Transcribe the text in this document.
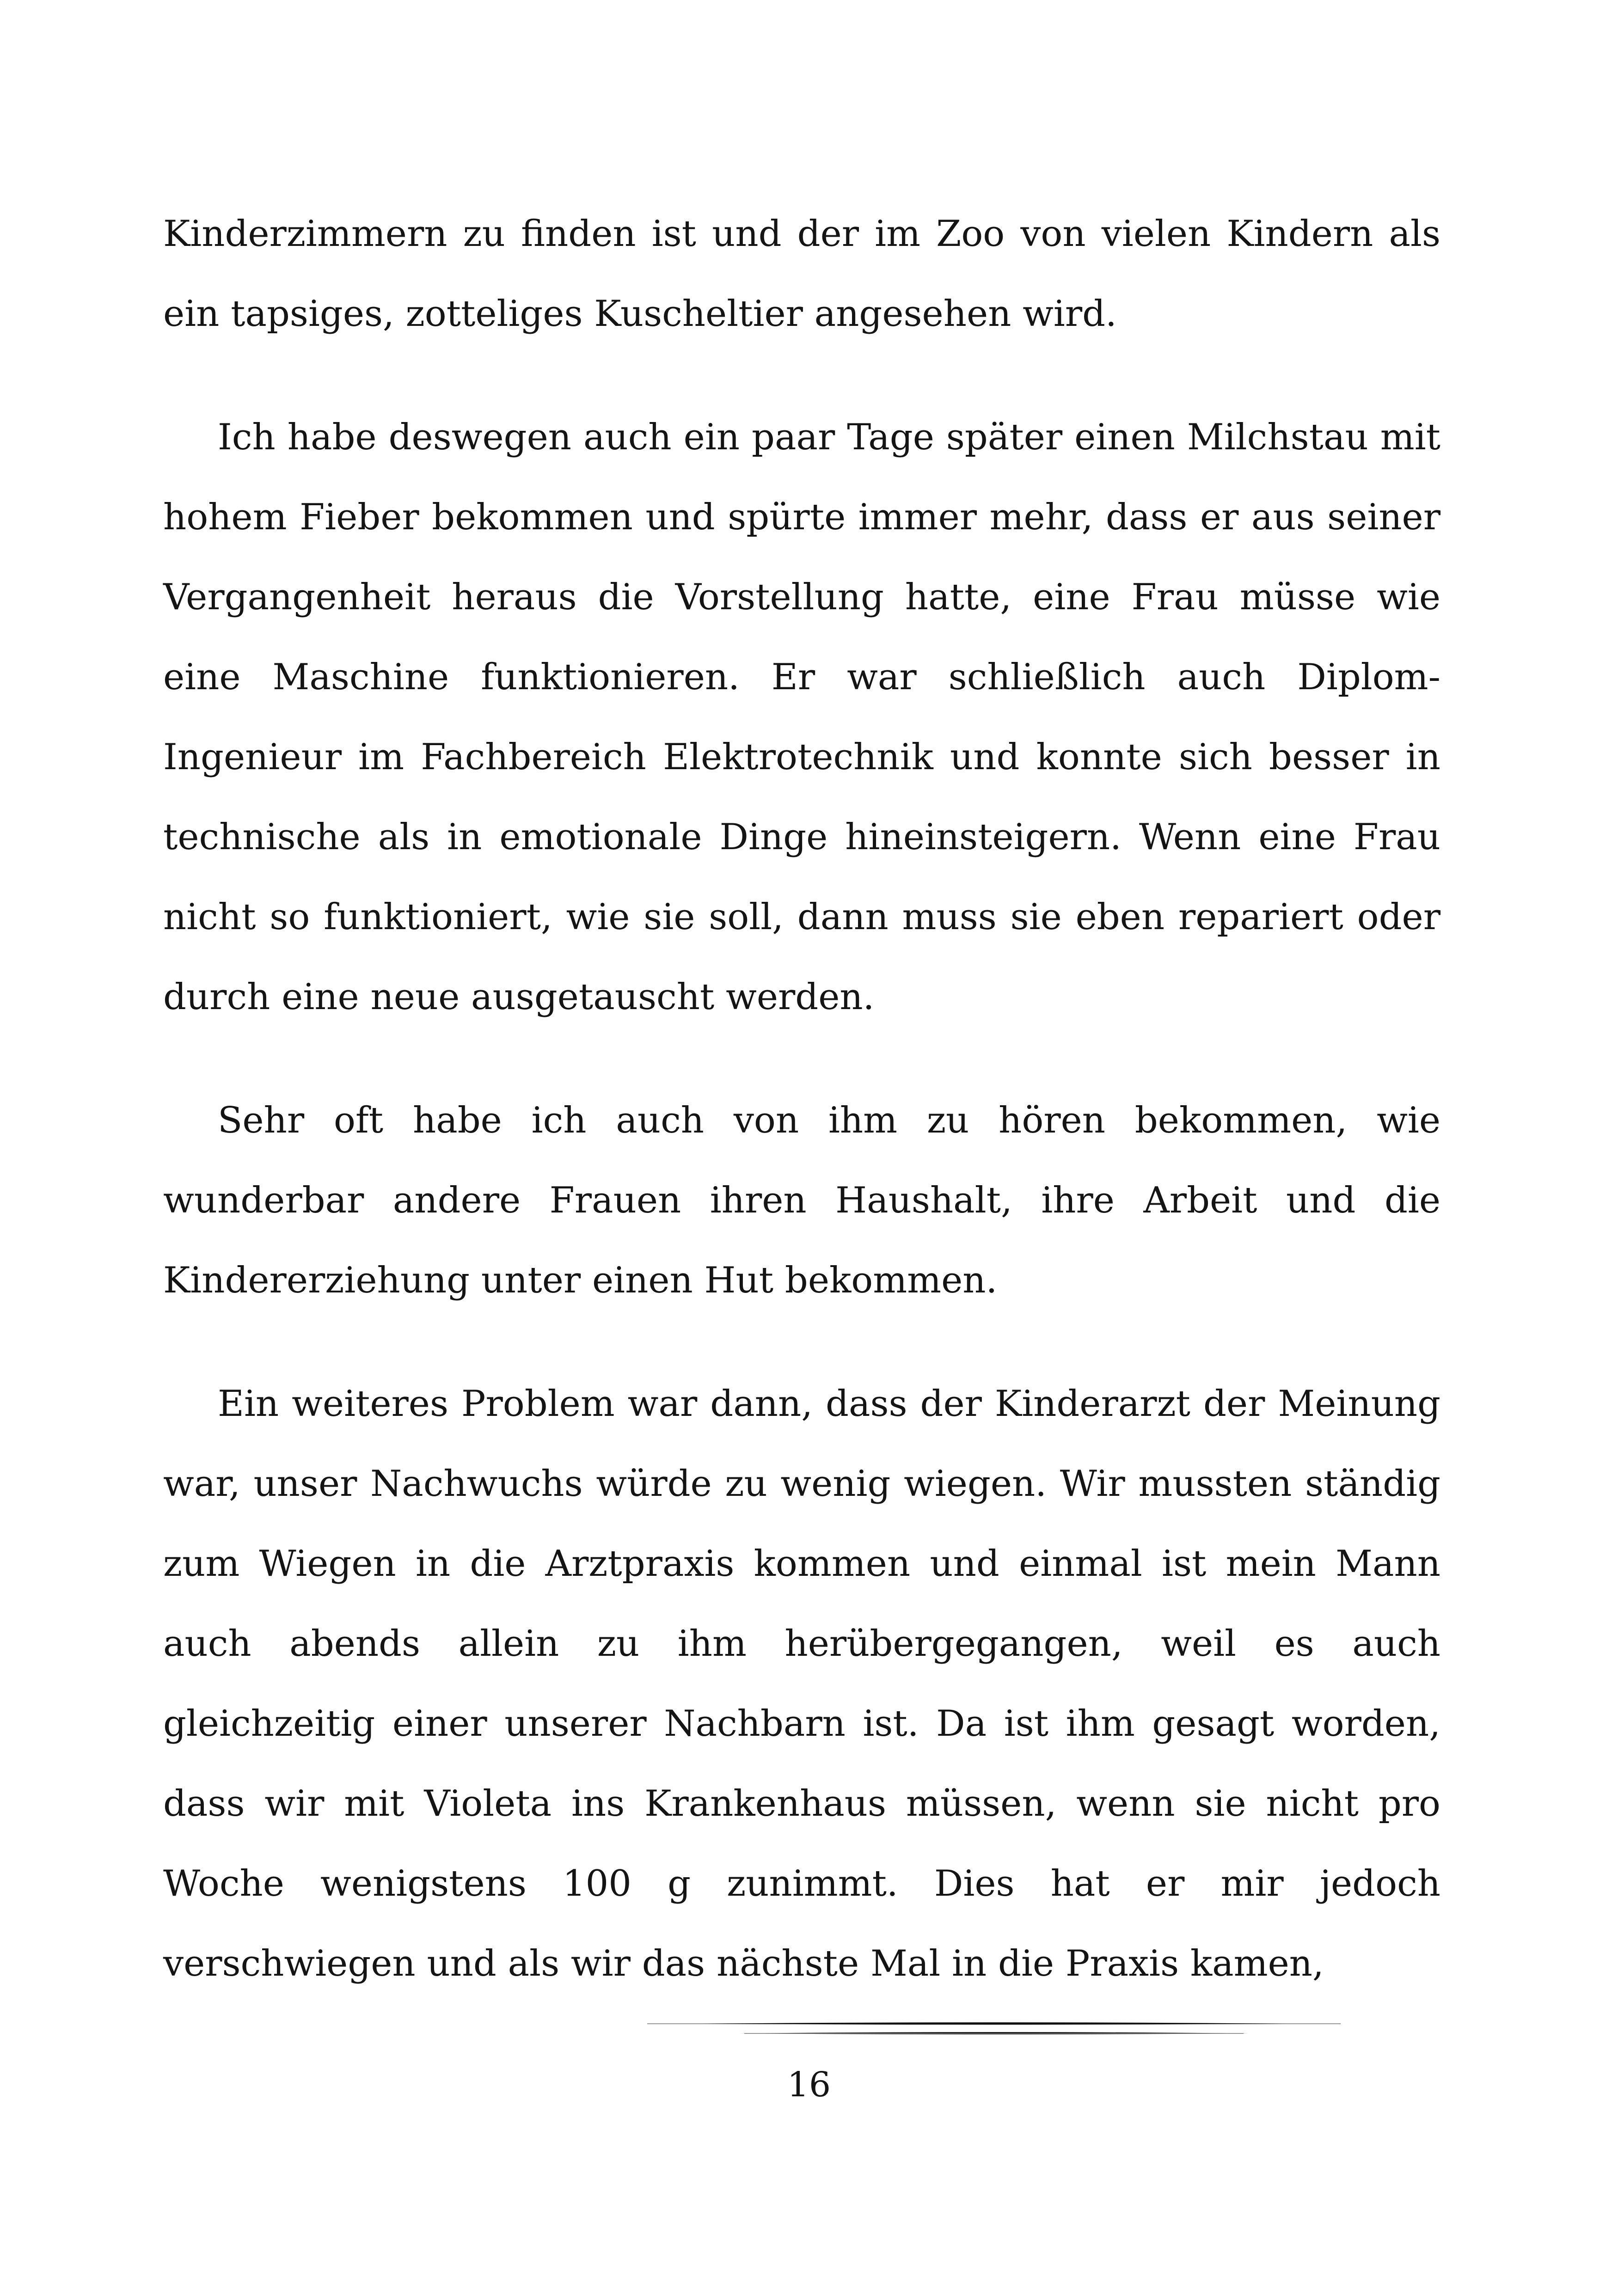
Kinderzimmern zu finden ist und der im Zoo von vielen Kindern als ein tapsiges, zotteliges Kuscheltier angesehen wird.

Ich habe deswegen auch ein paar Tage später einen Milchstau mit hohem Fieber bekommen und spürte immer mehr, dass er aus seiner Vergangenheit heraus die Vorstellung hatte, eine Frau müsse wie eine Maschine funktionieren. Er war schließlich auch Diplom-Ingenieur im Fachbereich Elektrotechnik und konnte sich besser in technische als in emotionale Dinge hineinsteigern. Wenn eine Frau nicht so funktioniert, wie sie soll, dann muss sie eben repariert oder durch eine neue ausgetauscht werden.

Sehr oft habe ich auch von ihm zu hören bekommen, wie wunderbar andere Frauen ihren Haushalt, ihre Arbeit und die Kindererziehung unter einen Hut bekommen.

Ein weiteres Problem war dann, dass der Kinderarzt der Meinung war, unser Nachwuchs würde zu wenig wiegen. Wir mussten ständig zum Wiegen in die Arztpraxis kommen und einmal ist mein Mann auch abends allein zu ihm herübergegangen, weil es auch gleichzeitig einer unserer Nachbarn ist. Da ist ihm gesagt worden, dass wir mit Violeta ins Krankenhaus müssen, wenn sie nicht pro Woche wenigstens 100 g zunimmt. Dies hat er mir jedoch verschwiegen und als wir das nächste Mal in die Praxis kamen,

16
